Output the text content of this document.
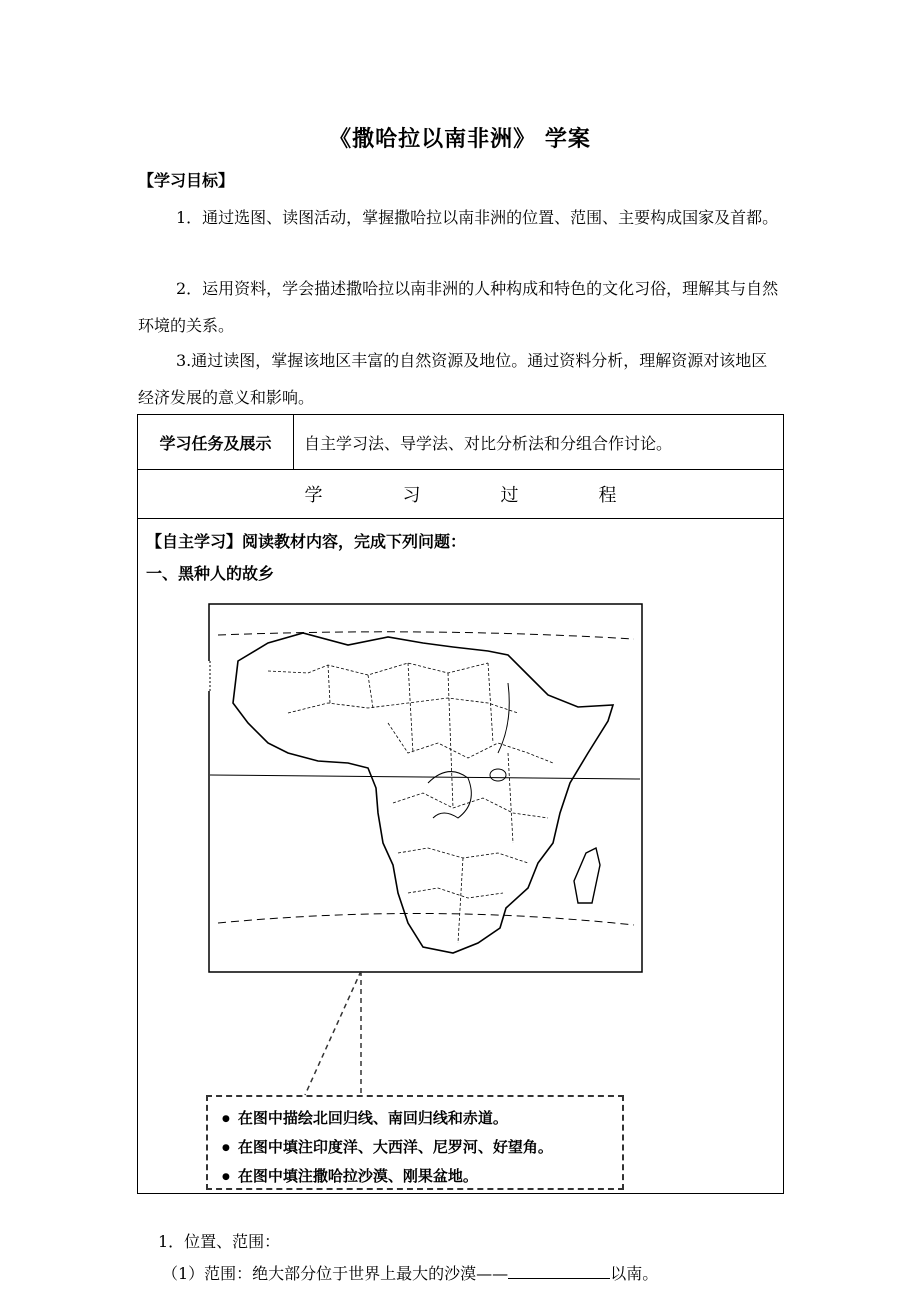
《撒哈拉以南非洲》 学案
【学习目标】
1．通过选图、读图活动，掌握撒哈拉以南非洲的位置、范围、主要构成国家及首都。
2．运用资料，学会描述撒哈拉以南非洲的人种构成和特色的文化习俗，理解其与自然环境的关系。
3.通过读图，掌握该地区丰富的自然资源及地位。通过资料分析，理解资源对该地区经济发展的意义和影响。
学习任务及展示	自主学习法、导学法、对比分析法和分组合作讨论。

学	习	过	程

【自主学习】阅读教材内容，完成下列问题：
一、黑种人的故乡
● 在图中描绘北回归线、南回归线和赤道。
● 在图中填注印度洋、大西洋、尼罗河、好望角。
● 在图中填注撒哈拉沙漠、刚果盆地。
1．位置、范围：
（1）范围：绝大部分位于世界上最大的沙漠——	以南。
